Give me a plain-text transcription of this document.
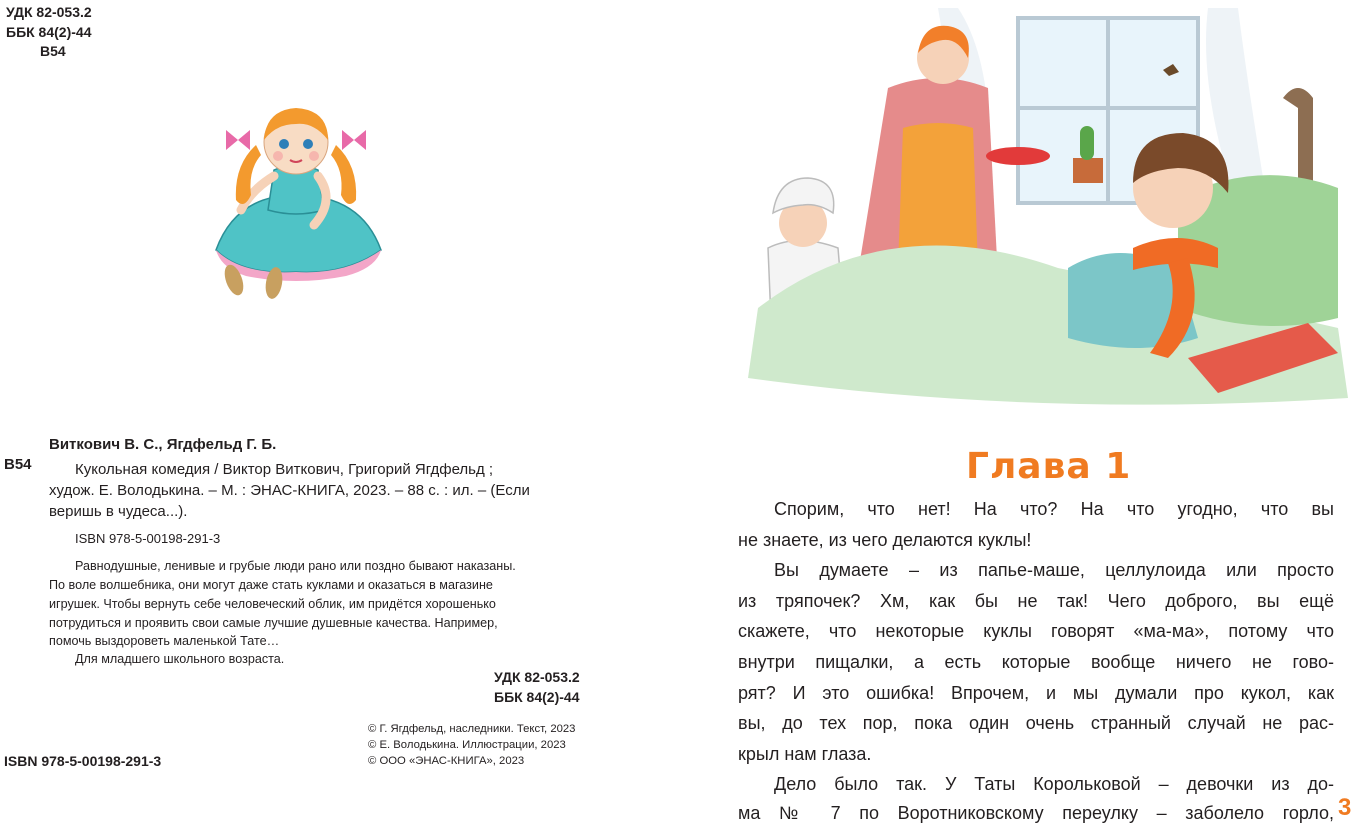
УДК 82-053.2
ББК 84(2)-44
В54
Виткович В. С., Ягдфельд Г. Б.
В54	Кукольная комедия / Виктор Виткович, Григорий Ягдфельд ;
худож. Е. Володькина. – М. : ЭНАС-КНИГА, 2023. – 88 с. : ил. – (Если
веришь в чудеса...).
ISBN 978-5-00198-291-3
Равнодушные, ленивые и грубые люди рано или поздно бывают наказаны.
По воле волшебника, они могут даже стать куклами и оказаться в магазине
игрушек. Чтобы вернуть себе человеческий облик, им придётся хорошенько
потрудиться и проявить свои самые лучшие душевные качества. Например,
помочь выздороветь маленькой Тате…
Для младшего школьного возраста.
УДК 82-053.2
ББК 84(2)-44
© Г. Ягдфельд, наследники. Текст, 2023
© Е. Володькина. Иллюстрации, 2023
© ООО «ЭНАС-КНИГА», 2023
ISBN 978-5-00198-291-3
Глава 1
Спорим, что нет! На что? На что угодно, что вы
не знаете, из чего делаются куклы!
Вы думаете – из папье-маше, целлулоида или просто
из тряпочек? Хм, как бы не так! Чего доброго, вы ещё
скажете, что некоторые куклы говорят «ма-ма», потому что
внутри пищалки, а есть которые вообще ничего не гово-
рят? И это ошибка! Впрочем, и мы думали про кукол, как
вы, до тех пор, пока один очень странный случай не рас-
крыл нам глаза.
Дело было так. У Таты Корольковой – девочки из до-
ма № 7 по Воротниковскому переулку – заболело горло, 3
